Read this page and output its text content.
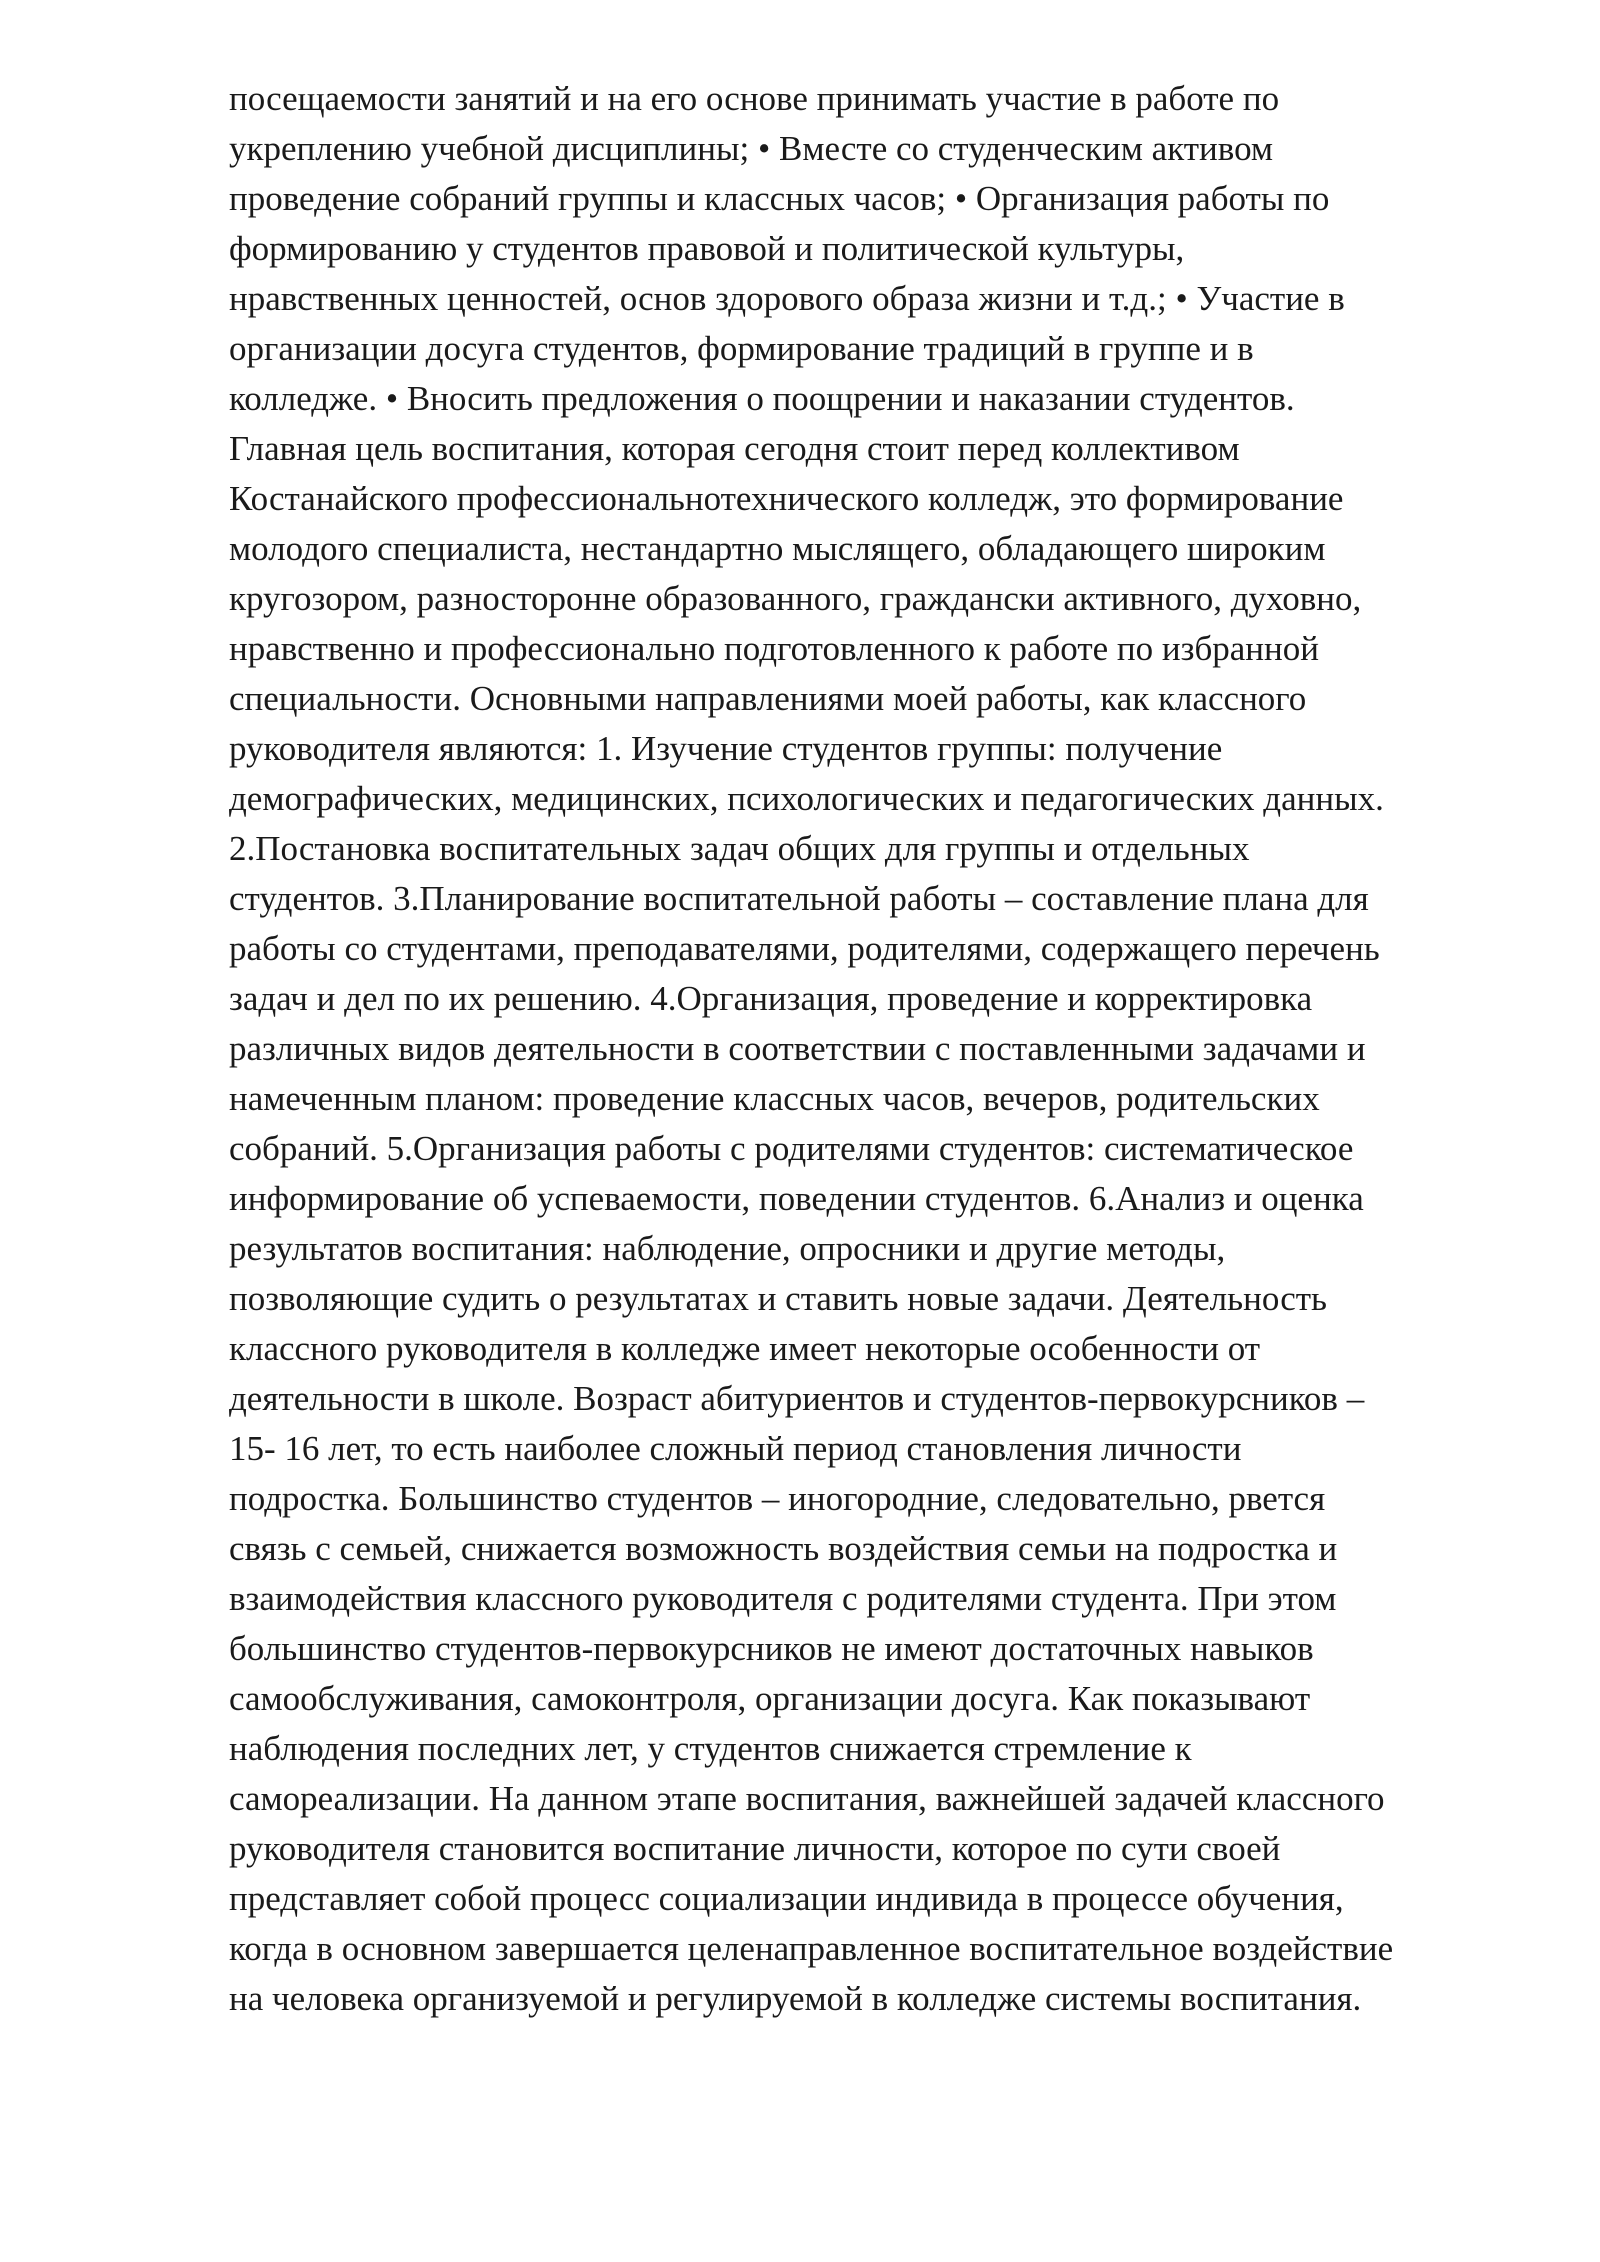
посещаемости занятий и на его основе принимать участие в работе по
укреплению учебной дисциплины; • Вместе со студенческим активом
проведение собраний группы и классных часов; • Организация работы по
формированию у студентов правовой и политической культуры,
нравственных ценностей, основ здорового образа жизни и т.д.; • Участие в
организации досуга студентов, формирование традиций в группе и в
колледже. • Вносить предложения о поощрении и наказании студентов.
Главная цель воспитания, которая сегодня стоит перед коллективом
Костанайского профессиональнотехнического колледж, это формирование
молодого специалиста, нестандартно мыслящего, обладающего широким
кругозором, разносторонне образованного, граждански активного, духовно,
нравственно и профессионально подготовленного к работе по избранной
специальности. Основными направлениями моей работы, как классного
руководителя являются: 1. Изучение студентов группы: получение
демографических, медицинских, психологических и педагогических данных.
2.Постановка воспитательных задач общих для группы и отдельных
студентов. 3.Планирование воспитательной работы – составление плана для
работы со студентами, преподавателями, родителями, содержащего перечень
задач и дел по их решению. 4.Организация, проведение и корректировка
различных видов деятельности в соответствии с поставленными задачами и
намеченным планом: проведение классных часов, вечеров, родительских
собраний. 5.Организация работы с родителями студентов: систематическое
информирование об успеваемости, поведении студентов. 6.Анализ и оценка
результатов воспитания: наблюдение, опросники и другие методы,
позволяющие судить о результатах и ставить новые задачи. Деятельность
классного руководителя в колледже имеет некоторые особенности от
деятельности в школе. Возраст абитуриентов и студентов-первокурсников –
15- 16 лет, то есть наиболее сложный период становления личности
подростка. Большинство студентов – иногородние, следовательно, рвется
связь с семьей, снижается возможность воздействия семьи на подростка и
взаимодействия классного руководителя с родителями студента. При этом
большинство студентов-первокурсников не имеют достаточных навыков
самообслуживания, самоконтроля, организации досуга. Как показывают
наблюдения последних лет, у студентов снижается стремление к
самореализации. На данном этапе воспитания, важнейшей задачей классного
руководителя становится воспитание личности, которое по сути своей
представляет собой процесс социализации индивида в процессе обучения,
когда в основном завершается целенаправленное воспитательное воздействие
на человека организуемой и регулируемой в колледже системы воспитания.
